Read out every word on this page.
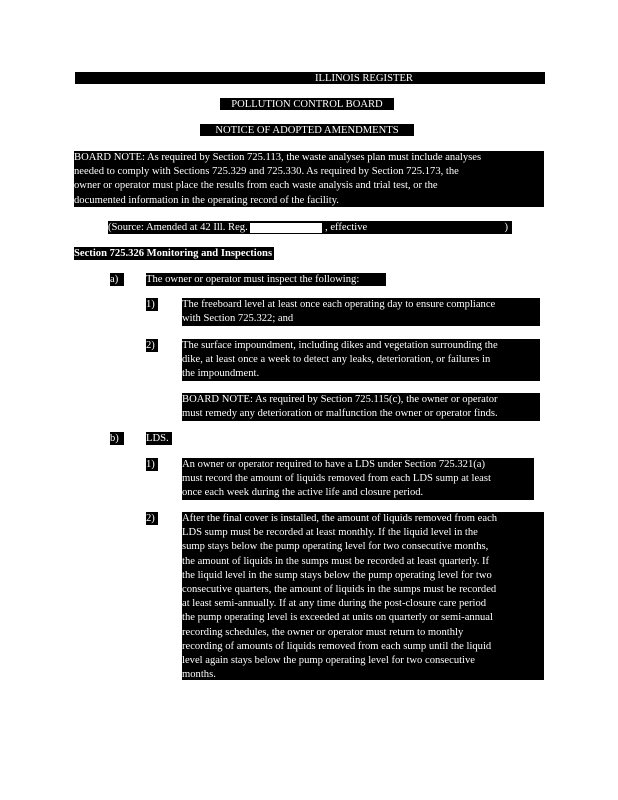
ILLINOIS REGISTER
POLLUTION CONTROL BOARD
NOTICE OF ADOPTED AMENDMENTS
BOARD NOTE: As required by Section 725.113, the waste analyses plan must include analyses
needed to comply with Sections 725.329 and 725.330. As required by Section 725.173, the
owner or operator must place the results from each waste analysis and trial test, or the
documented information in the operating record of the facility.
(Source: Amended at 42 Ill. Reg.	, effective	)
Section 725.326 Monitoring and Inspections
a)	The owner or operator must inspect the following:
1)	The freeboard level at least once each operating day to ensure compliance
with Section 725.322; and
2)	The surface impoundment, including dikes and vegetation surrounding the
dike, at least once a week to detect any leaks, deterioration, or failures in
the impoundment.
BOARD NOTE: As required by Section 725.115(c), the owner or operator
must remedy any deterioration or malfunction the owner or operator finds.
b)	LDS.
1)	An owner or operator required to have a LDS under Section 725.321(a)
must record the amount of liquids removed from each LDS sump at least
once each week during the active life and closure period.
2)	After the final cover is installed, the amount of liquids removed from each
LDS sump must be recorded at least monthly. If the liquid level in the
sump stays below the pump operating level for two consecutive months,
the amount of liquids in the sumps must be recorded at least quarterly. If
the liquid level in the sump stays below the pump operating level for two
consecutive quarters, the amount of liquids in the sumps must be recorded
at least semi-annually. If at any time during the post-closure care period
the pump operating level is exceeded at units on quarterly or semi-annual
recording schedules, the owner or operator must return to monthly
recording of amounts of liquids removed from each sump until the liquid
level again stays below the pump operating level for two consecutive
months.
